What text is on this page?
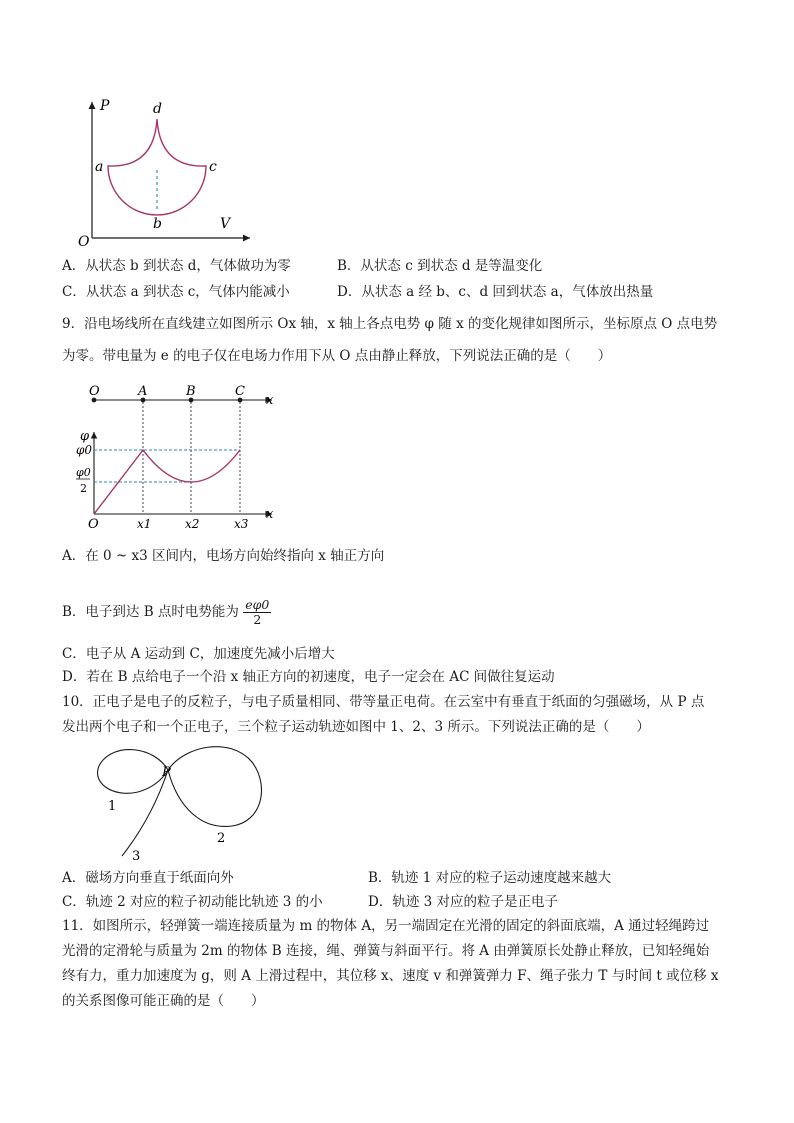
P
V
O
a
b
c
d
A．从状态 b 到状态 d，气体做功为零	B．从状态 c 到状态 d 是等温变化
C．从状态 a 到状态 c，气体内能减小	D．从状态 a 经 b、c、d 回到状态 a，气体放出热量
9．沿电场线所在直线建立如图所示 Ox 轴，x 轴上各点电势 φ 随 x 的变化规律如图所示，坐标原点 O 点电势
为零。带电量为 e 的电子仅在电场力作用下从 O 点由静止释放，下列说法正确的是（　　）
O	A	B	C
x
φ
φ0
φ0
2
O	x1	x2	x3
x
A．在 0 ~ x3 区间内，电场方向始终指向 x 轴正方向
B．电子到达 B 点时电势能为 $\frac{e\varphi 0}{2}$
C．电子从 A 运动到 C，加速度先减小后增大
D．若在 B 点给电子一个沿 x 轴正方向的初速度，电子一定会在 AC 间做往复运动
10．正电子是电子的反粒子，与电子质量相同、带等量正电荷。在云室中有垂直于纸面的匀强磁场，从 P 点
发出两个电子和一个正电子，三个粒子运动轨迹如图中 1、2、3 所示。下列说法正确的是（　　）
P
1
2
3
A．磁场方向垂直于纸面向外	B．轨迹 1 对应的粒子运动速度越来越大
C．轨迹 2 对应的粒子初动能比轨迹 3 的小	D．轨迹 3 对应的粒子是正电子
11．如图所示，轻弹簧一端连接质量为 m 的物体 A，另一端固定在光滑的固定的斜面底端，A 通过轻绳跨过
光滑的定滑轮与质量为 2m 的物体 B 连接，绳、弹簧与斜面平行。将 A 由弹簧原长处静止释放，已知轻绳始
终有力，重力加速度为 g，则 A 上滑过程中，其位移 x、速度 v 和弹簧弹力 F、绳子张力 T 与时间 t 或位移 x
的关系图像可能正确的是（　　）
